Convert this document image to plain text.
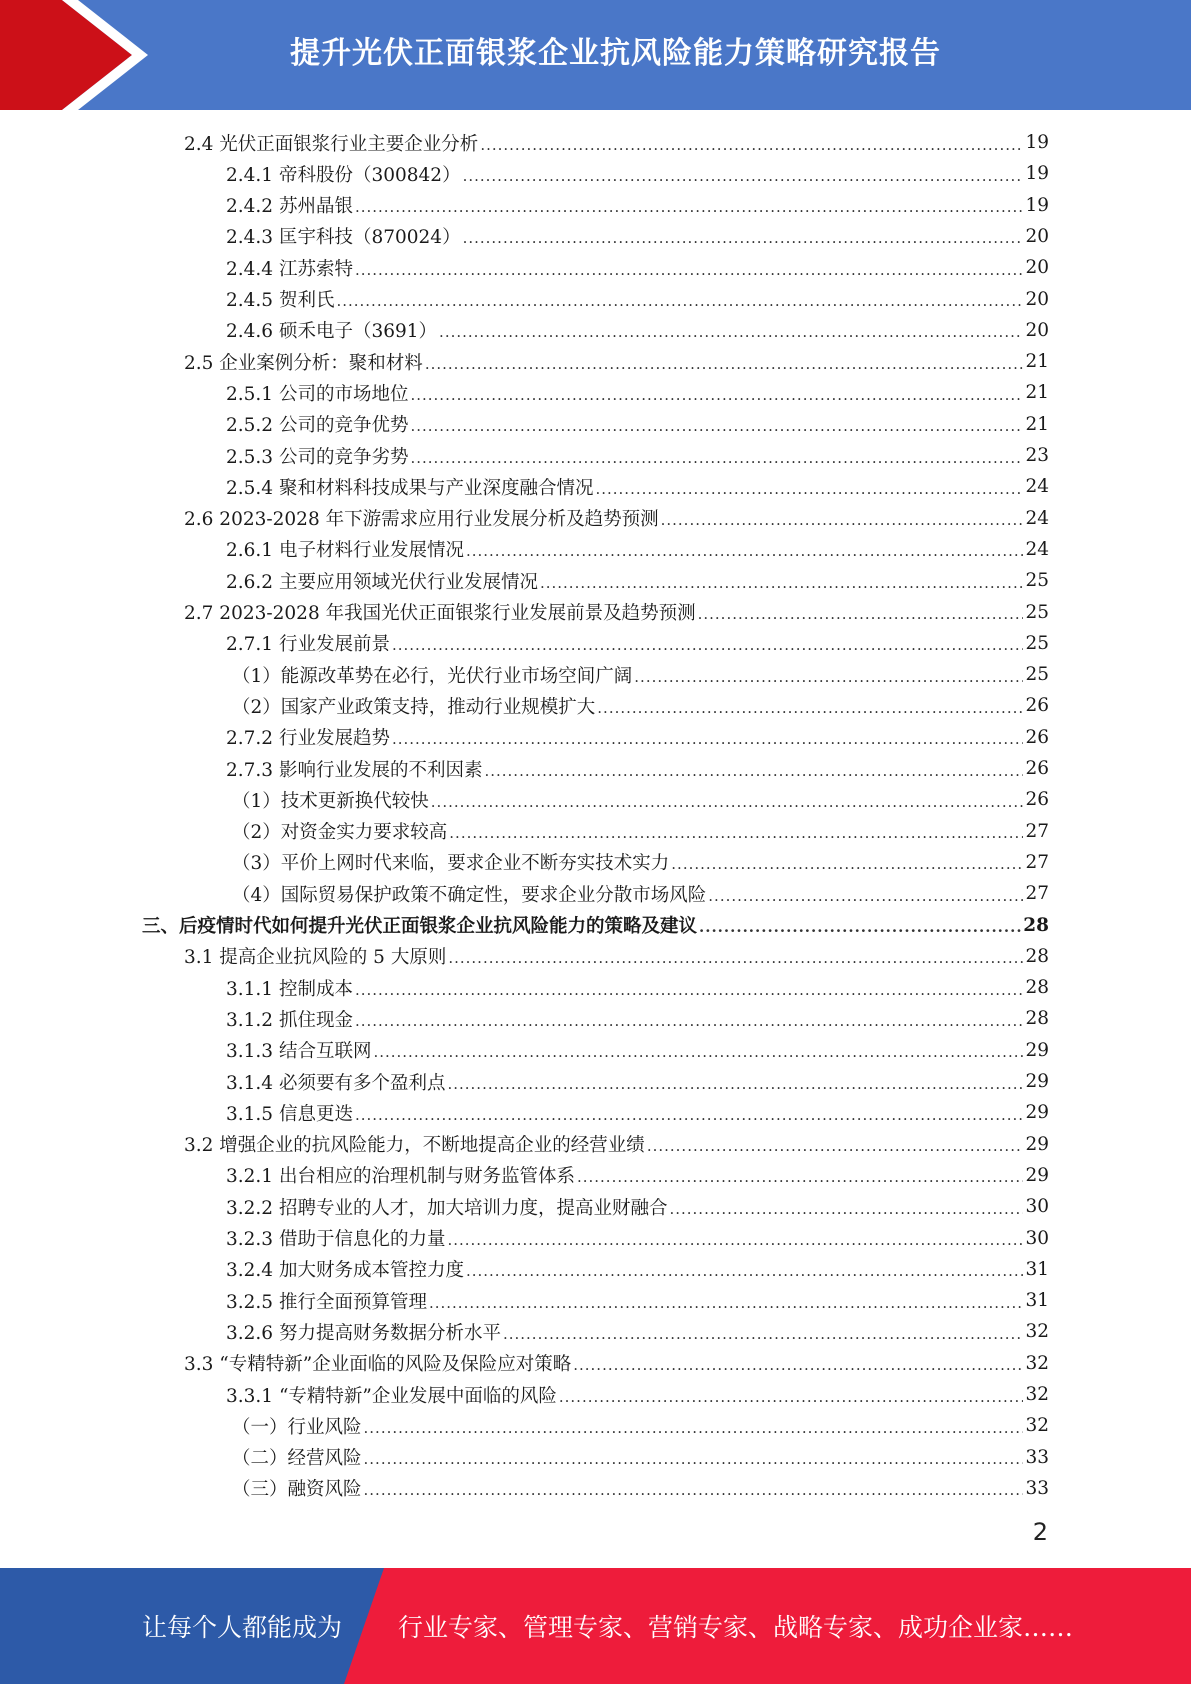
提升光伏正面银浆企业抗风险能力策略研究报告
2.4 光伏正面银浆行业主要企业分析 .....	19
2.4.1 帝科股份（300842） .....	19
2.4.2 苏州晶银 .....	19
2.4.3 匡宇科技（870024） .....	20
2.4.4 江苏索特 .....	20
2.4.5 贺利氏 .....	20
2.4.6 硕禾电子（3691） .....	20
2.5 企业案例分析：聚和材料 .....	21
2.5.1 公司的市场地位 .....	21
2.5.2 公司的竞争优势 .....	21
2.5.3 公司的竞争劣势 .....	23
2.5.4 聚和材料科技成果与产业深度融合情况 .....	24
2.6 2023-2028 年下游需求应用行业发展分析及趋势预测 .....	24
2.6.1 电子材料行业发展情况 .....	24
2.6.2 主要应用领域光伏行业发展情况 .....	25
2.7 2023-2028 年我国光伏正面银浆行业发展前景及趋势预测 .....	25
2.7.1 行业发展前景 .....	25
（1）能源改革势在必行，光伏行业市场空间广阔 .....	25
（2）国家产业政策支持，推动行业规模扩大 .....	26
2.7.2 行业发展趋势 .....	26
2.7.3 影响行业发展的不利因素 .....	26
（1）技术更新换代较快 .....	26
（2）对资金实力要求较高 .....	27
（3）平价上网时代来临，要求企业不断夯实技术实力 .....	27
（4）国际贸易保护政策不确定性，要求企业分散市场风险 .....	27
三、后疫情时代如何提升光伏正面银浆企业抗风险能力的策略及建议 .....	28
3.1 提高企业抗风险的 5 大原则 .....	28
3.1.1 控制成本 .....	28
3.1.2 抓住现金 .....	28
3.1.3 结合互联网 .....	29
3.1.4 必须要有多个盈利点 .....	29
3.1.5 信息更迭 .....	29
3.2 增强企业的抗风险能力，不断地提高企业的经营业绩 .....	29
3.2.1 出台相应的治理机制与财务监管体系 .....	29
3.2.2 招聘专业的人才，加大培训力度，提高业财融合 .....	30
3.2.3 借助于信息化的力量 .....	30
3.2.4 加大财务成本管控力度 .....	31
3.2.5 推行全面预算管理 .....	31
3.2.6 努力提高财务数据分析水平 .....	32
3.3 “专精特新”企业面临的风险及保险应对策略 .....	32
3.3.1 “专精特新”企业发展中面临的风险 .....	32
（一）行业风险 .....	32
（二）经营风险 .....	33
（三）融资风险 .....	33
2
让每个人都能成为 行业专家、管理专家、营销专家、战略专家、成功企业家……
